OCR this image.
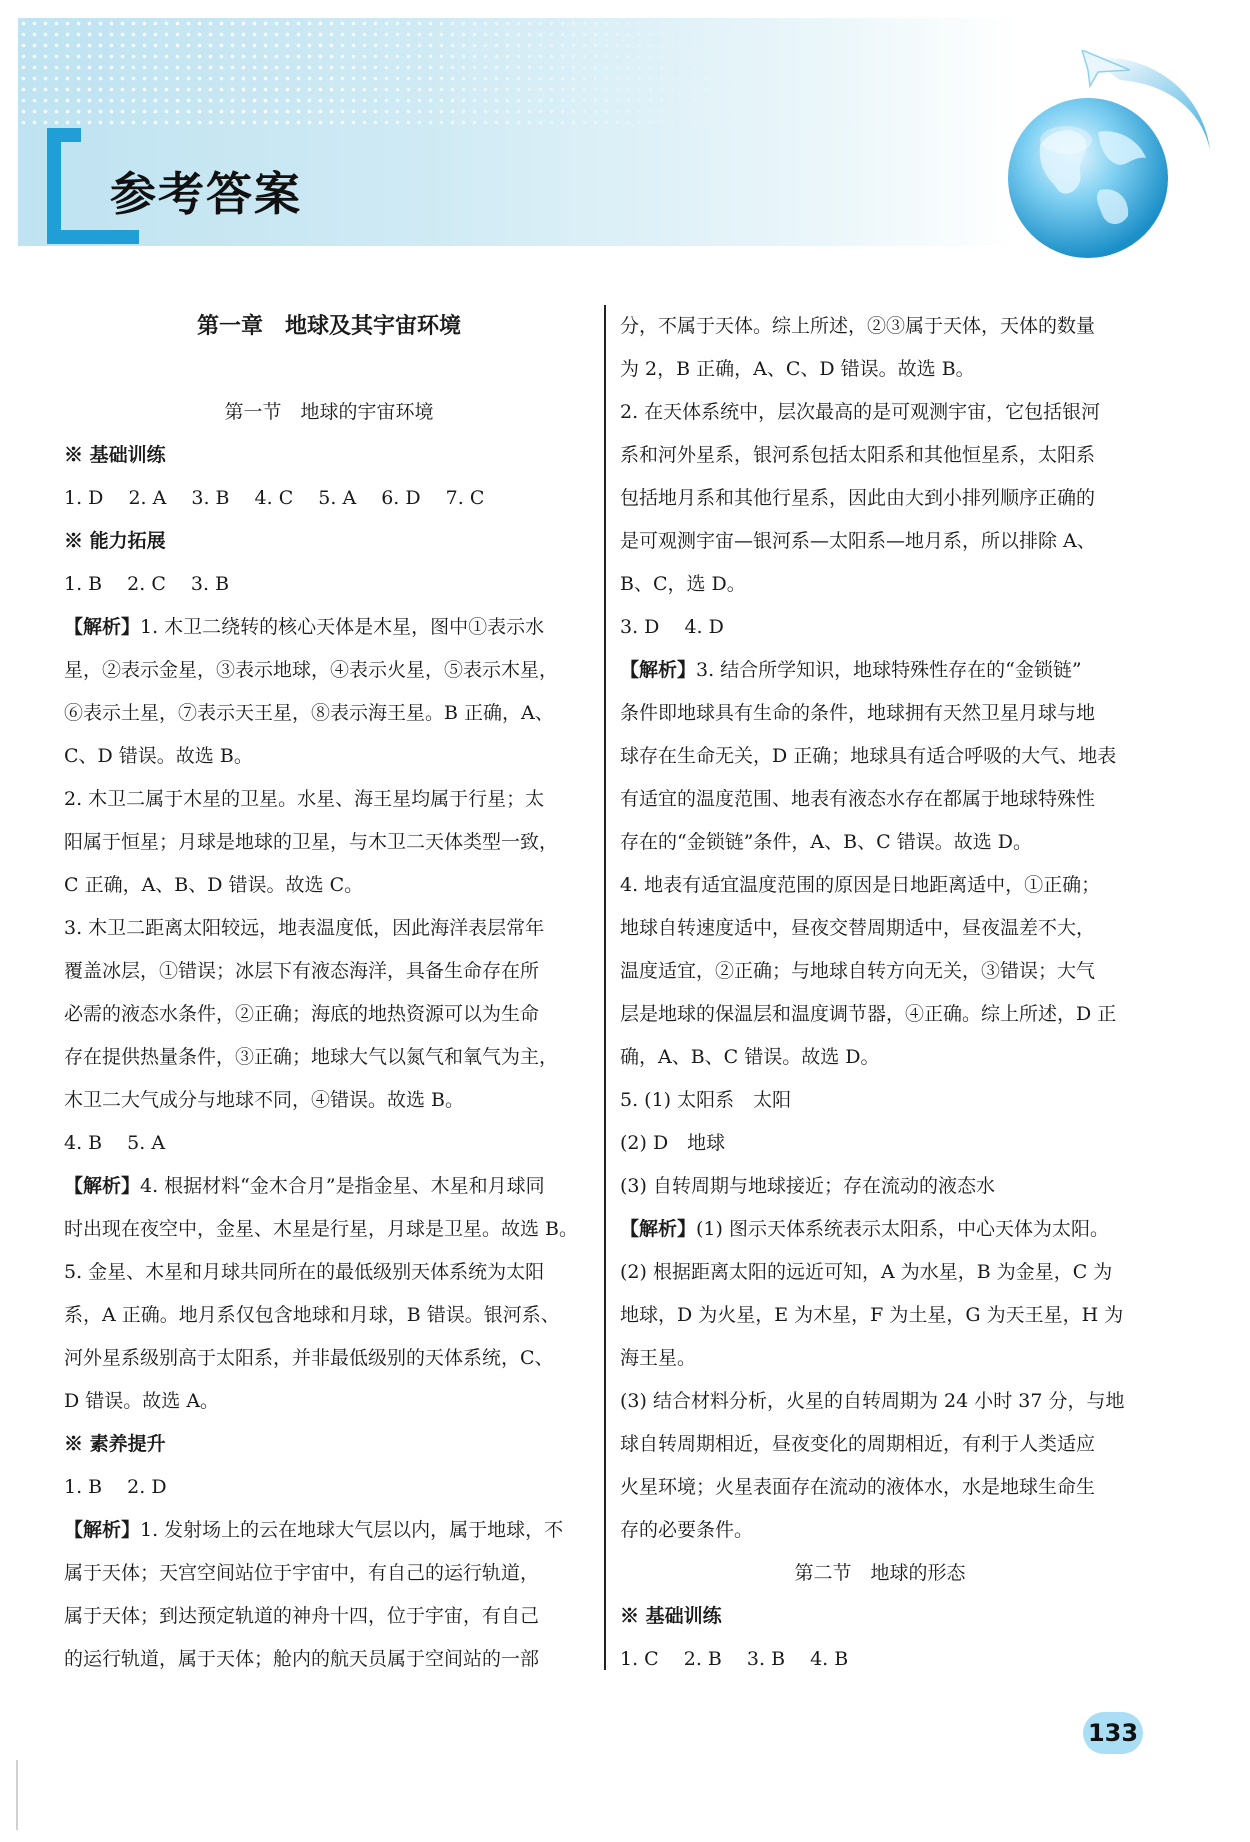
参考答案
第一章　地球及其宇宙环境
第一节　地球的宇宙环境
※ 基础训练
1. D　 2. A　 3. B　 4. C　 5. A　 6. D　 7. C
※ 能力拓展
1. B　 2. C　 3. B
【解析】1. 木卫二绕转的核心天体是木星，图中①表示水
星，②表示金星，③表示地球，④表示火星，⑤表示木星，
⑥表示土星，⑦表示天王星，⑧表示海王星。B 正确，A、
C、D 错误。故选 B。
2. 木卫二属于木星的卫星。水星、海王星均属于行星；太
阳属于恒星；月球是地球的卫星，与木卫二天体类型一致，
C 正确，A、B、D 错误。故选 C。
3. 木卫二距离太阳较远，地表温度低，因此海洋表层常年
覆盖冰层，①错误；冰层下有液态海洋，具备生命存在所
必需的液态水条件，②正确；海底的地热资源可以为生命
存在提供热量条件，③正确；地球大气以氮气和氧气为主，
木卫二大气成分与地球不同，④错误。故选 B。
4. B　 5. A
【解析】4. 根据材料“金木合月”是指金星、木星和月球同
时出现在夜空中，金星、木星是行星，月球是卫星。故选 B。
5. 金星、木星和月球共同所在的最低级别天体系统为太阳
系，A 正确。地月系仅包含地球和月球，B 错误。银河系、
河外星系级别高于太阳系，并非最低级别的天体系统，C、
D 错误。故选 A。
※ 素养提升
1. B　 2. D
【解析】1. 发射场上的云在地球大气层以内，属于地球，不
属于天体；天宫空间站位于宇宙中，有自己的运行轨道，
属于天体；到达预定轨道的神舟十四，位于宇宙，有自己
的运行轨道，属于天体；舱内的航天员属于空间站的一部
分，不属于天体。综上所述，②③属于天体，天体的数量
为 2，B 正确，A、C、D 错误。故选 B。
2. 在天体系统中，层次最高的是可观测宇宙，它包括银河
系和河外星系，银河系包括太阳系和其他恒星系，太阳系
包括地月系和其他行星系，因此由大到小排列顺序正确的
是可观测宇宙—银河系—太阳系—地月系，所以排除 A、
B、C，选 D。
3. D　 4. D
【解析】3. 结合所学知识，地球特殊性存在的“金锁链”
条件即地球具有生命的条件，地球拥有天然卫星月球与地
球存在生命无关，D 正确；地球具有适合呼吸的大气、地表
有适宜的温度范围、地表有液态水存在都属于地球特殊性
存在的“金锁链”条件，A、B、C 错误。故选 D。
4. 地表有适宜温度范围的原因是日地距离适中，①正确；
地球自转速度适中，昼夜交替周期适中，昼夜温差不大，
温度适宜，②正确；与地球自转方向无关，③错误；大气
层是地球的保温层和温度调节器，④正确。综上所述，D 正
确，A、B、C 错误。故选 D。
5. (1) 太阳系　太阳
(2) D　地球
(3) 自转周期与地球接近；存在流动的液态水
【解析】(1) 图示天体系统表示太阳系，中心天体为太阳。
(2) 根据距离太阳的远近可知，A 为水星，B 为金星，C 为
地球，D 为火星，E 为木星，F 为土星，G 为天王星，H 为
海王星。
(3) 结合材料分析，火星的自转周期为 24 小时 37 分，与地
球自转周期相近，昼夜变化的周期相近，有利于人类适应
火星环境；火星表面存在流动的液体水，水是地球生命生
存的必要条件。
第二节　地球的形态
※ 基础训练
1. C　 2. B　 3. B　 4. B
133
